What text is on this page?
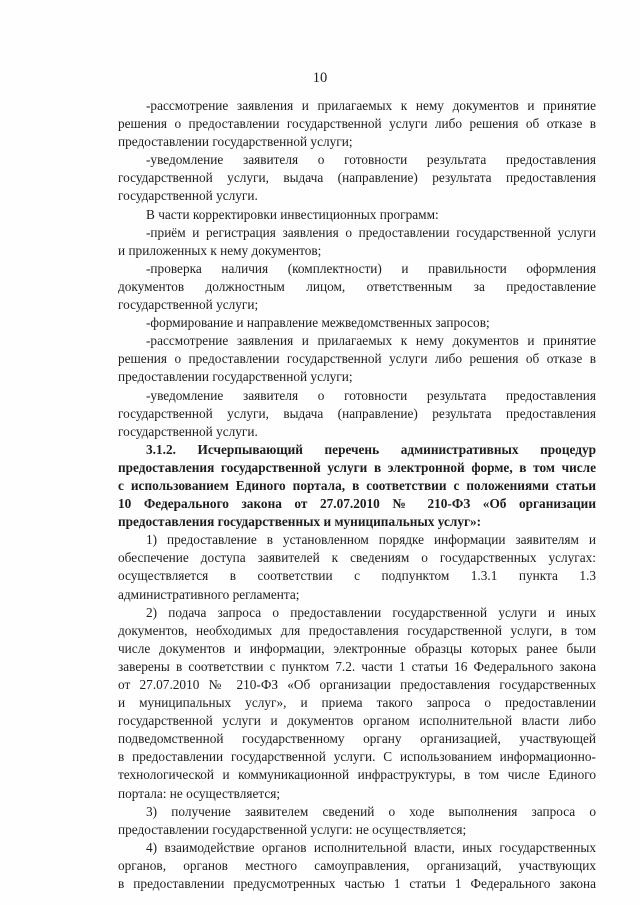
10
-рассмотрение заявления и прилагаемых к нему документов и принятие
решения о предоставлении государственной услуги либо решения об отказе в
предоставлении государственной услуги;
-уведомление заявителя о готовности результата предоставления
государственной услуги, выдача (направление) результата предоставления
государственной услуги.
В части корректировки инвестиционных программ:
-приём и регистрация заявления о предоставлении государственной услуги
и приложенных к нему документов;
-проверка наличия (комплектности) и правильности оформления
документов должностным лицом, ответственным за предоставление
государственной услуги;
-формирование и направление межведомственных запросов;
-рассмотрение заявления и прилагаемых к нему документов и принятие
решения о предоставлении государственной услуги либо решения об отказе в
предоставлении государственной услуги;
-уведомление заявителя о готовности результата предоставления
государственной услуги, выдача (направление) результата предоставления
государственной услуги.
3.1.2. Исчерпывающий перечень административных процедур
предоставления государственной услуги в электронной форме, в том числе
с использованием Единого портала, в соответствии с положениями статьи
10 Федерального закона от 27.07.2010 № 210-ФЗ «Об организации
предоставления государственных и муниципальных услуг»:
1) предоставление в установленном порядке информации заявителям и
обеспечение доступа заявителей к сведениям о государственных услугах:
осуществляется в соответствии с подпунктом 1.3.1 пункта 1.3
административного регламента;
2) подача запроса о предоставлении государственной услуги и иных
документов, необходимых для предоставления государственной услуги, в том
числе документов и информации, электронные образцы которых ранее были
заверены в соответствии с пунктом 7.2. части 1 статьи 16 Федерального закона
от 27.07.2010 № 210-ФЗ «Об организации предоставления государственных
и муниципальных услуг», и приема такого запроса о предоставлении
государственной услуги и документов органом исполнительной власти либо
подведомственной государственному органу организацией, участвующей
в предоставлении государственной услуги. С использованием информационно-
технологической и коммуникационной инфраструктуры, в том числе Единого
портала: не осуществляется;
3) получение заявителем сведений о ходе выполнения запроса о
предоставлении государственной услуги: не осуществляется;
4) взаимодействие органов исполнительной власти, иных государственных
органов, органов местного самоуправления, организаций, участвующих
в предоставлении предусмотренных частью 1 статьи 1 Федерального закона
